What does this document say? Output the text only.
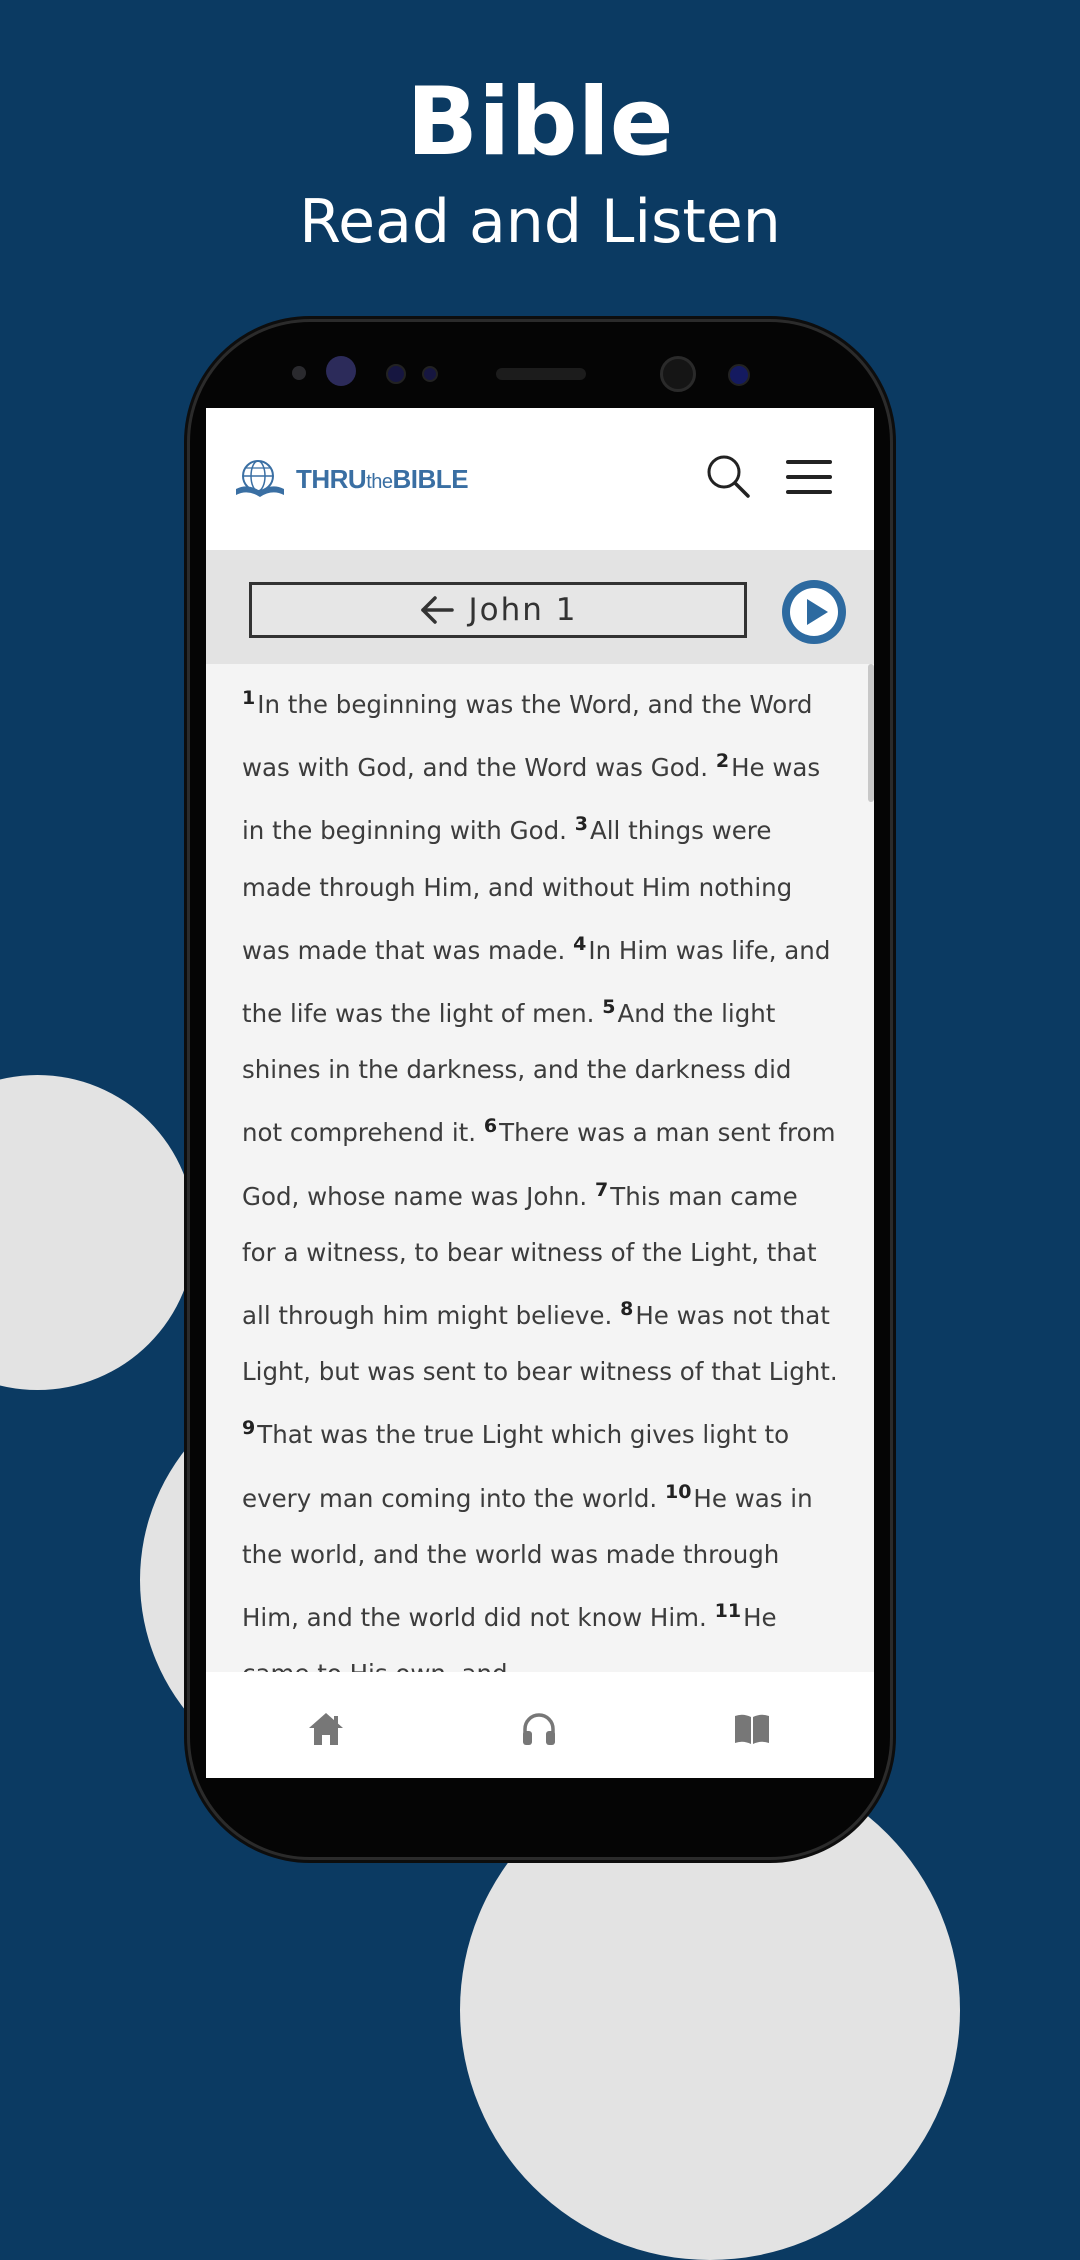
Bible
Read and Listen
THRUtheBIBLE
John 1
$^1$In the beginning was the Word, and the Word was with God, and the Word was God. $^2$He was in the beginning with God. $^3$All things were made through Him, and without Him nothing was made that was made. $^4$In Him was life, and the life was the light of men. $^5$And the light shines in the darkness, and the darkness did not comprehend it. $^6$There was a man sent from God, whose name was John. $^7$This man came for a witness, to bear witness of the Light, that all through him might believe. $^8$He was not that Light, but was sent to bear witness of that Light. $^9$That was the true Light which gives light to every man coming into the world. $^{10}$He was in the world, and the world was made through Him, and the world did not know Him. $^{11}$He
